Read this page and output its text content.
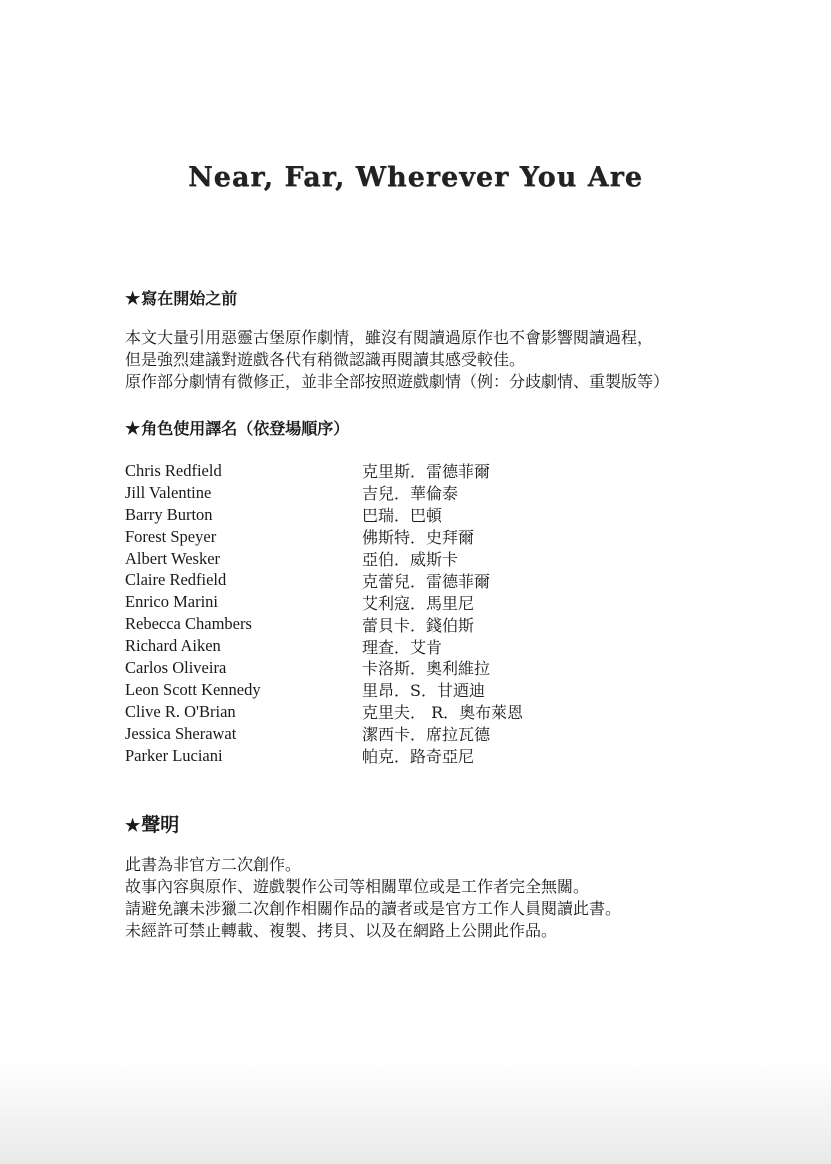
Near, Far, Wherever You Are
★寫在開始之前
本文大量引用惡靈古堡原作劇情，雖沒有閱讀過原作也不會影響閱讀過程，
但是強烈建議對遊戲各代有稍微認識再閱讀其感受較佳。
原作部分劇情有微修正，並非全部按照遊戲劇情（例：分歧劇情、重製版等）
★角色使用譯名（依登場順序）
Chris Redfield	克里斯．雷德菲爾
Jill Valentine	吉兒．華倫泰
Barry Burton	巴瑞．巴頓
Forest Speyer	佛斯特．史拜爾
Albert Wesker	亞伯．威斯卡
Claire Redfield	克蕾兒．雷德菲爾
Enrico Marini	艾利寇．馬里尼
Rebecca Chambers	蕾貝卡．錢伯斯
Richard Aiken	理查．艾肯
Carlos Oliveira	卡洛斯．奧利維拉
Leon Scott Kennedy	里昂．S．甘迺迪
Clive R. O'Brian	克里夫． R．奧布萊恩
Jessica Sherawat	潔西卡．席拉瓦德
Parker Luciani	帕克．路奇亞尼
★聲明
此書為非官方二次創作。
故事內容與原作、遊戲製作公司等相關單位或是工作者完全無關。
請避免讓未涉獵二次創作相關作品的讀者或是官方工作人員閱讀此書。
未經許可禁止轉載、複製、拷貝、以及在網路上公開此作品。
